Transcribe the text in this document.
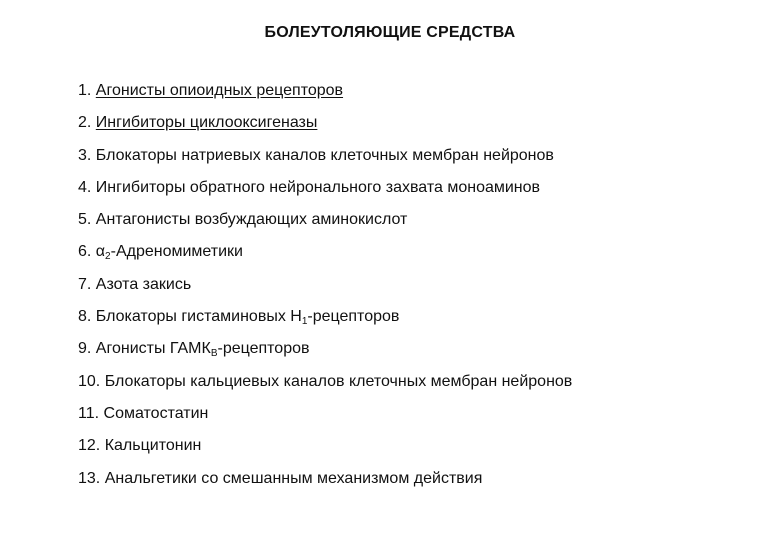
БОЛЕУТОЛЯЮЩИЕ СРЕДСТВА
1. Агонисты опиоидных рецепторов
2. Ингибиторы циклооксигеназы
3. Блокаторы натриевых каналов клеточных мембран нейронов
4. Ингибиторы обратного нейронального захвата моноаминов
5. Антагонисты возбуждающих аминокислот
6. $\alpha_2$-Адреномиметики
7. Азота закись
8. Блокаторы гистаминовых $Н_1$-рецепторов
9. Агонисты $ГАМК_B$-рецепторов
10. Блокаторы кальциевых каналов клеточных мембран нейронов
11. Соматостатин
12. Кальцитонин
13. Анальгетики со смешанным механизмом действия
